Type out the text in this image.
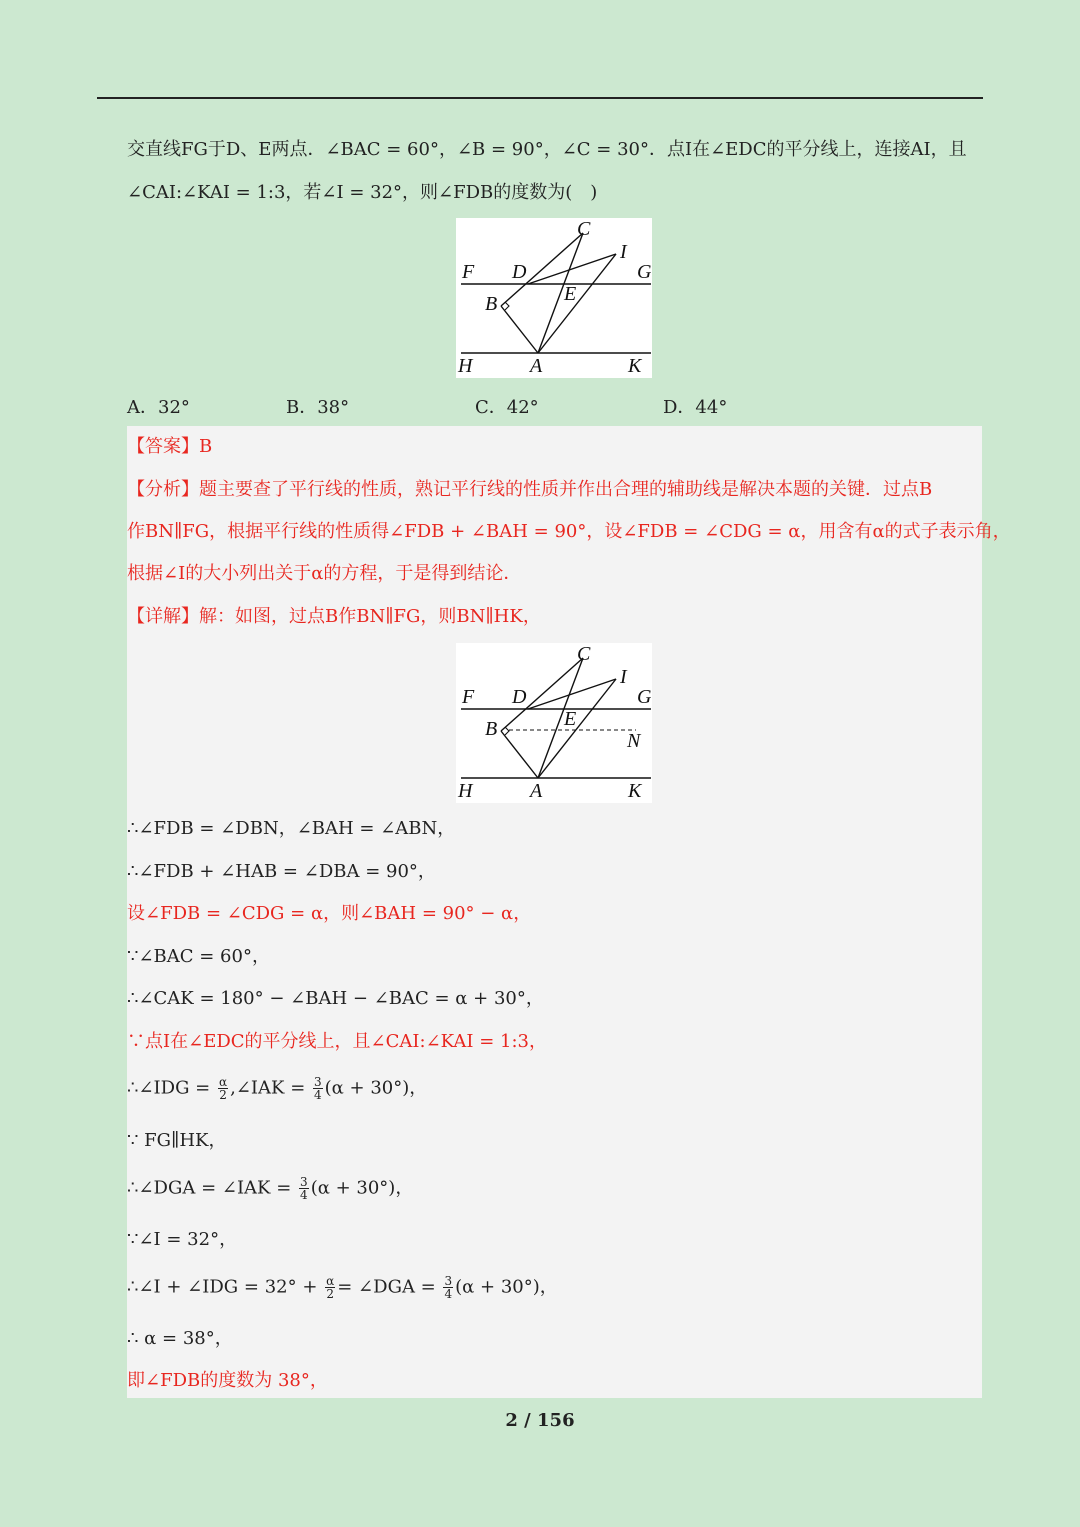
交直线FG于D、E两点．∠BAC = 60°，∠B = 90°，∠C = 30°．点I在∠EDC的平分线上，连接AI，且
∠CAI:∠KAI = 1:3，若∠I = 32°，则∠FDB的度数为(　)
C
I
F D	G
E
B
H	A	K
A．32°	B．38°	C．42°	D．44°
【答案】B
【分析】题主要查了平行线的性质，熟记平行线的性质并作出合理的辅助线是解决本题的关键．过点B
作BN∥FG，根据平行线的性质得∠FDB + ∠BAH = 90°，设∠FDB = ∠CDG = α，用含有α的式子表示角，
根据∠I的大小列出关于α的方程，于是得到结论．
【详解】解：如图，过点B作BN∥FG，则BN∥HK，
C
I
F D	G
E
B
N
H	A	K
∴∠FDB = ∠DBN，∠BAH = ∠ABN，
∴∠FDB + ∠HAB = ∠DBA = 90°，
设∠FDB = ∠CDG = α，则∠BAH = 90° − α，
∵∠BAC = 60°，
∴∠CAK = 180° − ∠BAH − ∠BAC = α + 30°，
∵点I在∠EDC的平分线上，且∠CAI:∠KAI = 1:3，
∴∠IDG = $\frac{\alpha}{2}$ ,∠IAK = $\frac{3}{4} (\alpha + 30^\circ)$，
∵ FG∥HK，
∴∠DGA = ∠IAK = $\frac{3}{4} (\alpha + 30^\circ)$，
∵∠I = 32°，
∴∠I + ∠IDG = $32^\circ + \frac{\alpha}{2}$ = ∠DGA = $\frac{3}{4} (\alpha + 30^\circ)$，
∴ α = 38°，
即∠FDB的度数为 38°，
2 / 156
